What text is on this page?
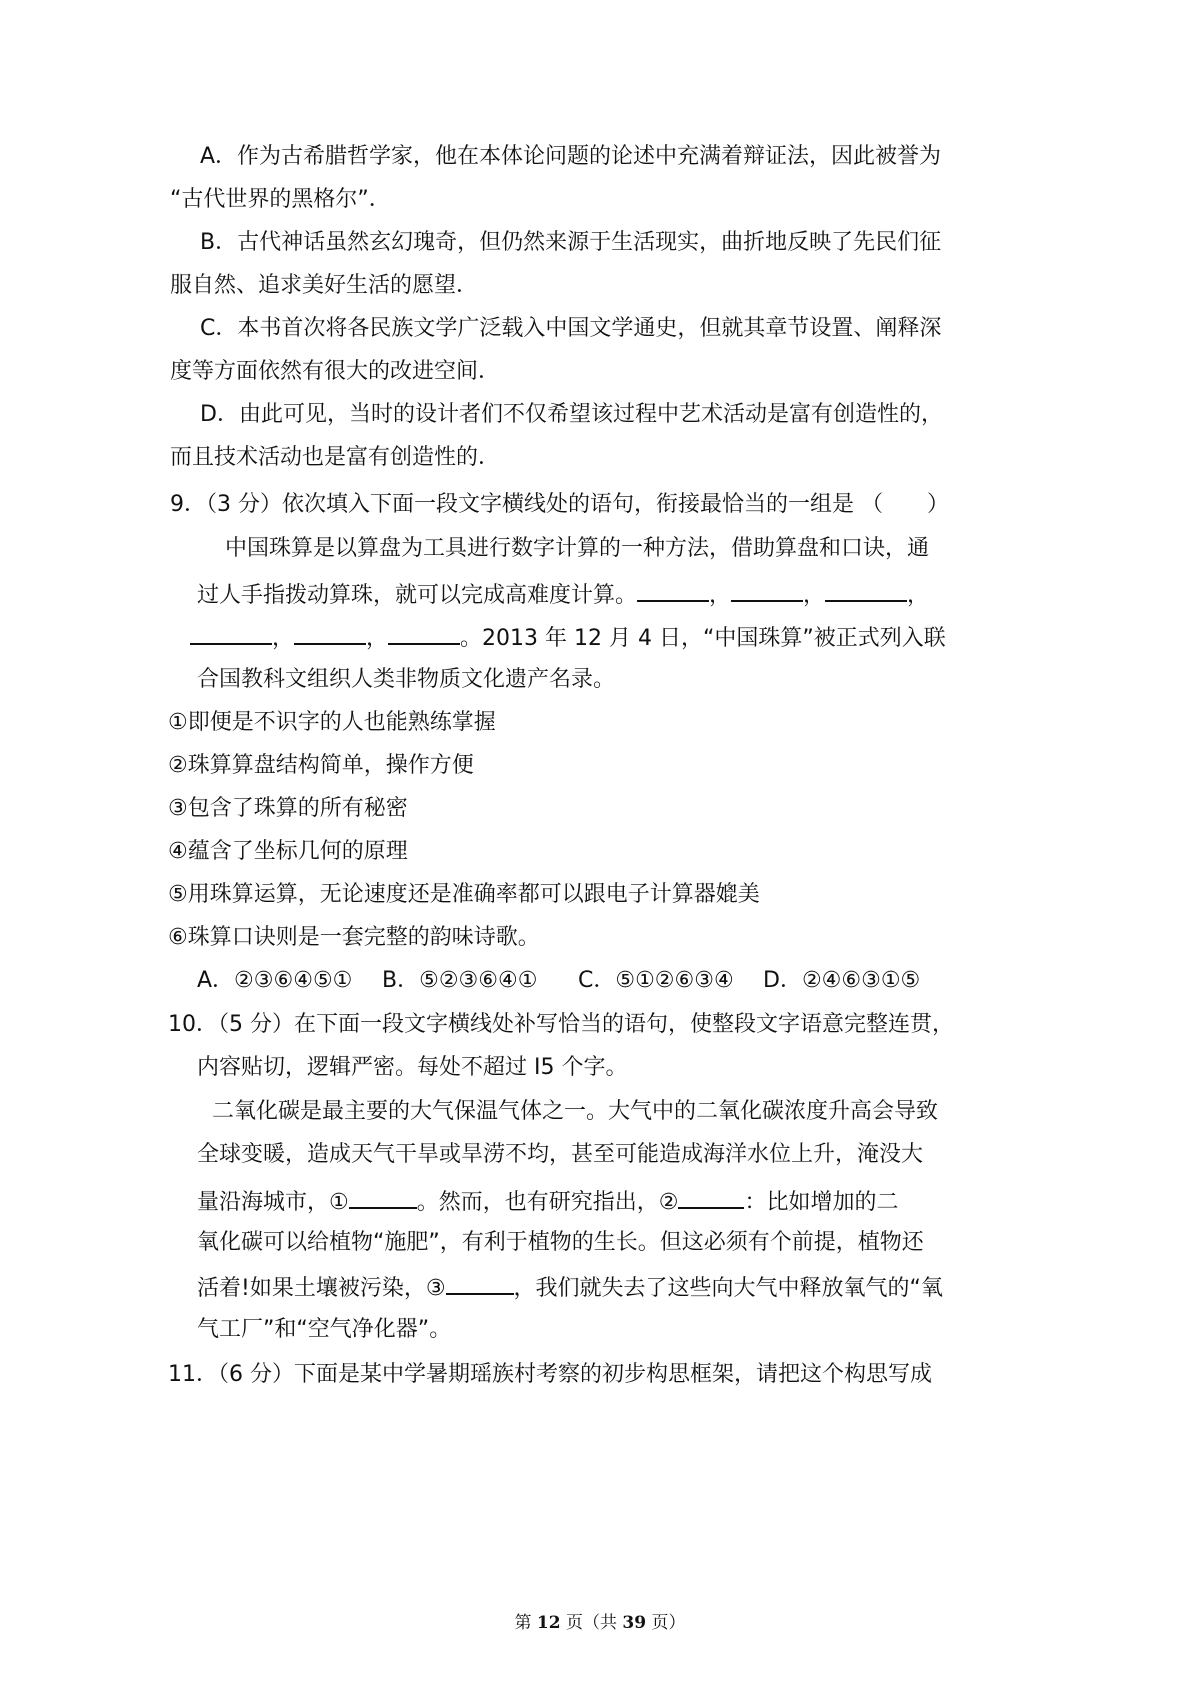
A．作为古希腊哲学家，他在本体论问题的论述中充满着辩证法，因此被誉为
“古代世界的黑格尔”．
B．古代神话虽然玄幻瑰奇，但仍然来源于生活现实，曲折地反映了先民们征
服自然、追求美好生活的愿望．
C．本书首次将各民族文学广泛载入中国文学通史，但就其章节设置、阐释深
度等方面依然有很大的改进空间．
D．由此可见，当时的设计者们不仅希望该过程中艺术活动是富有创造性的，
而且技术活动也是富有创造性的．
9．（3 分）依次填入下面一段文字横线处的语句，衔接最恰当的一组是 （　　）
中国珠算是以算盘为工具进行数字计算的一种方法，借助算盘和口诀，通
过人手指拨动算珠，就可以完成高难度计算。	，	，	，
，	，	。2013 年 12 月 4 日，“中国珠算”被正式列入联
合国教科文组织人类非物质文化遗产名录。
①即便是不识字的人也能熟练掌握
②珠算算盘结构简单，操作方便
③包含了珠算的所有秘密
④蕴含了坐标几何的原理
⑤用珠算运算，无论速度还是准确率都可以跟电子计算器媲美
⑥珠算口诀则是一套完整的韵味诗歌。
A．②③⑥④⑤① B．⑤②③⑥④① C．⑤①②⑥③④ D．②④⑥③①⑤
10．（5 分）在下面一段文字横线处补写恰当的语句，使整段文字语意完整连贯，
内容贴切，逻辑严密。每处不超过 I5 个字。
二氧化碳是最主要的大气保温气体之一。大气中的二氧化碳浓度升高会导致
全球变暖，造成天气干旱或旱涝不均，甚至可能造成海洋水位上升，淹没大
量沿海城市，①	。然而，也有研究指出，②	：比如增加的二
氧化碳可以给植物“施肥”，有利于植物的生长。但这必须有个前提，植物还
活着!如果土壤被污染，③	，我们就失去了这些向大气中释放氧气的“氧
气工厂”和“空气净化器”。
11．（6 分）下面是某中学暑期瑶族村考察的初步构思框架，请把这个构思写成
第 12 页（共 39 页）
